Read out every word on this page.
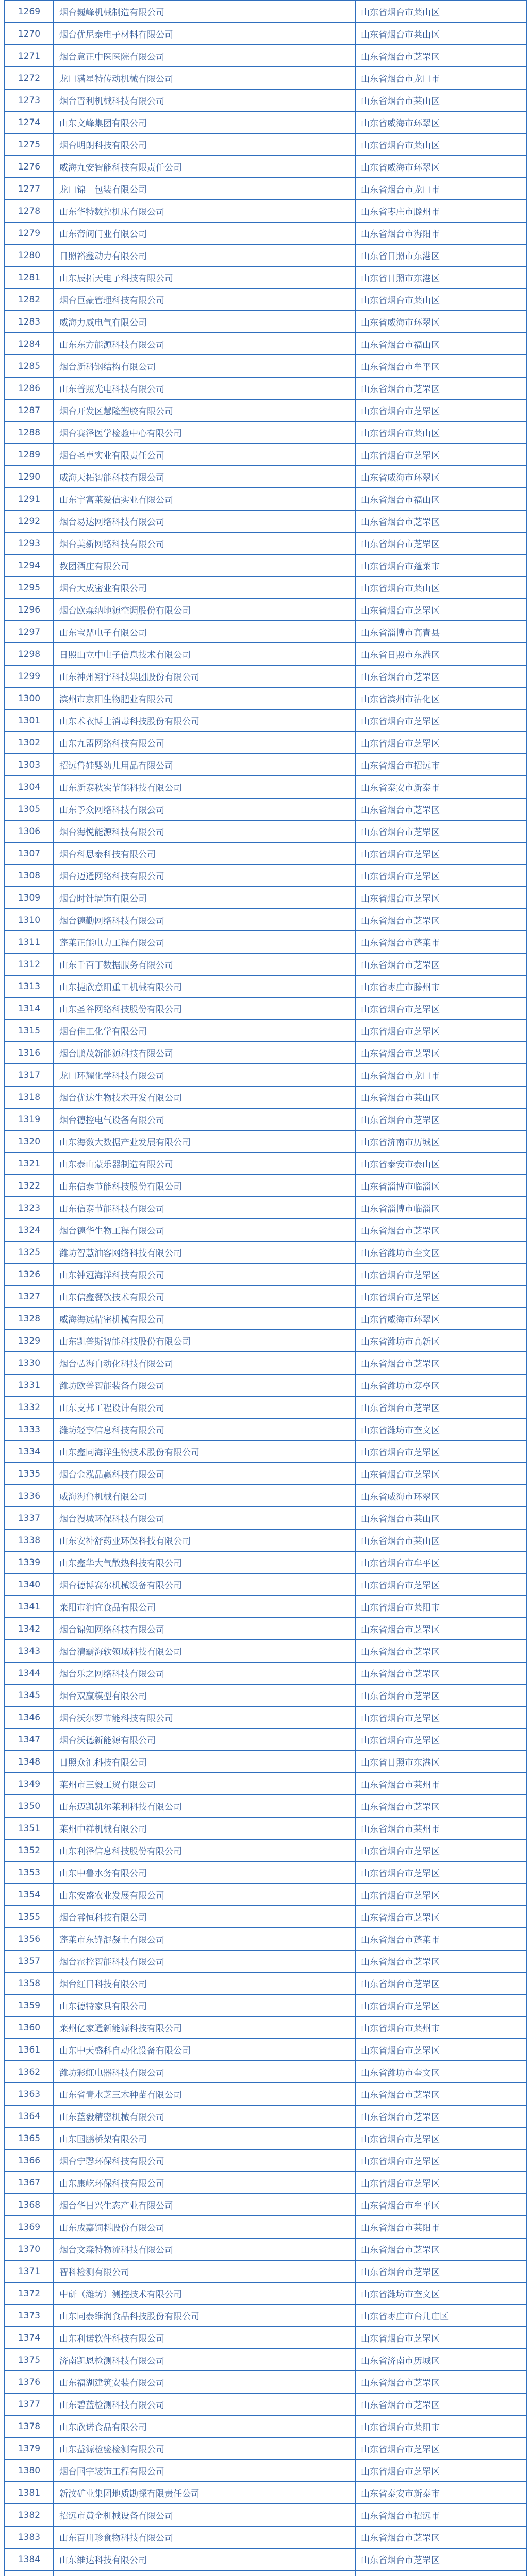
1269	烟台巍峰机械制造有限公司	山东省烟台市莱山区
1270	烟台优尼泰电子材料有限公司	山东省烟台市莱山区
1271	烟台意正中医医院有限公司	山东省烟台市芝罘区
1272	龙口满星特传动机械有限公司	山东省烟台市龙口市
1273	烟台晋利机械科技有限公司	山东省烟台市莱山区
1274	山东文峰集团有限公司	山东省威海市环翠区
1275	烟台明朗科技有限公司	山东省烟台市莱山区
1276	威海九安智能科技有限责任公司	山东省威海市环翠区
1277	龙口锦　包装有限公司	山东省烟台市龙口市
1278	山东华特数控机床有限公司	山东省枣庄市滕州市
1279	山东帝阀门业有限公司	山东省烟台市海阳市
1280	日照裕鑫动力有限公司	山东省日照市东港区
1281	山东辰拓天电子科技有限公司	山东省日照市东港区
1282	烟台巨豪管理科技有限公司	山东省烟台市莱山区
1283	威海力威电气有限公司	山东省威海市环翠区
1284	山东东方能源科技有限公司	山东省烟台市福山区
1285	烟台新科钢结构有限公司	山东省烟台市牟平区
1286	山东普照光电科技有限公司	山东省烟台市芝罘区
1287	烟台开发区慧隆塑胶有限公司	山东省烟台市芝罘区
1288	烟台赛泽医学检验中心有限公司	山东省烟台市莱山区
1289	烟台圣卓实业有限责任公司	山东省烟台市芝罘区
1290	威海天拓智能科技有限公司	山东省威海市环翠区
1291	山东宇富莱爱信实业有限公司	山东省烟台市福山区
1292	烟台易达网络科技有限公司	山东省烟台市芝罘区
1293	烟台美新网络科技有限公司	山东省烟台市芝罘区
1294	教团酒庄有限公司	山东省烟台市蓬莱市
1295	烟台大成密业有限公司	山东省烟台市莱山区
1296	烟台欧森纳地源空调股份有限公司	山东省烟台市芝罘区
1297	山东宝鼎电子有限公司	山东省淄博市高青县
1298	日照山立中电子信息技术有限公司	山东省日照市东港区
1299	山东神州翔宇科技集团股份有限公司	山东省烟台市芝罘区
1300	滨州市京阳生物肥业有限公司	山东省滨州市沾化区
1301	山东术衣博士消毒科技股份有限公司	山东省烟台市芝罘区
1302	山东九盟网络科技有限公司	山东省烟台市芝罘区
1303	招远鲁娃婴幼儿用品有限公司	山东省烟台市招远市
1304	山东新泰秋实节能科技有限公司	山东省泰安市新泰市
1305	山东予众网络科技有限公司	山东省烟台市芝罘区
1306	烟台海悦能源科技有限公司	山东省烟台市芝罘区
1307	烟台科思泰科技有限公司	山东省烟台市芝罘区
1308	烟台迈通网络科技有限公司	山东省烟台市芝罘区
1309	烟台时针墙饰有限公司	山东省烟台市芝罘区
1310	烟台德勤网络科技有限公司	山东省烟台市芝罘区
1311	蓬莱正能电力工程有限公司	山东省烟台市蓬莱市
1312	山东千百丁数据服务有限公司	山东省烟台市芝罘区
1313	山东捷欣意阳重工机械有限公司	山东省枣庄市滕州市
1314	山东圣谷网络科技股份有限公司	山东省烟台市芝罘区
1315	烟台佳工化学有限公司	山东省烟台市芝罘区
1316	烟台鹏茂新能源科技有限公司	山东省烟台市芝罘区
1317	龙口环耀化学科技有限公司	山东省烟台市龙口市
1318	烟台优达生物技术开发有限公司	山东省烟台市莱山区
1319	烟台德控电气设备有限公司	山东省烟台市芝罘区
1320	山东海数大数据产业发展有限公司	山东省济南市历城区
1321	山东泰山蒙乐器制造有限公司	山东省泰安市泰山区
1322	山东信泰节能科技股份有限公司	山东省淄博市临淄区
1323	山东信泰节能科技有限公司	山东省淄博市临淄区
1324	烟台德华生物工程有限公司	山东省烟台市芝罘区
1325	潍坊智慧油客网络科技有限公司	山东省潍坊市奎文区
1326	山东钟冠海洋科技有限公司	山东省烟台市芝罘区
1327	山东信鑫餐饮技术有限公司	山东省烟台市芝罘区
1328	威海海远精密机械有限公司	山东省威海市环翠区
1329	山东凯普斯智能科技股份有限公司	山东省潍坊市高新区
1330	烟台弘海自动化科技有限公司	山东省烟台市芝罘区
1331	潍坊欧普智能装备有限公司	山东省潍坊市寒亭区
1332	山东支邦工程设计有限公司	山东省烟台市芝罘区
1333	潍坊轻享信息科技有限公司	山东省潍坊市奎文区
1334	山东鑫同海洋生物技术股份有限公司	山东省烟台市芝罘区
1335	烟台金泓品赢科技有限公司	山东省烟台市芝罘区
1336	威海海鲁机械有限公司	山东省威海市环翠区
1337	烟台漫城环保科技有限公司	山东省烟台市莱山区
1338	山东安补舒药业环保科技有限公司	山东省烟台市莱山区
1339	山东鑫华大气散热科技有限公司	山东省烟台市牟平区
1340	烟台德博赛尔机械设备有限公司	山东省烟台市芝罘区
1341	莱阳市润宜食品有限公司	山东省烟台市莱阳市
1342	烟台锦知网络科技有限公司	山东省烟台市芝罘区
1343	烟台清霸海软领域科技有限公司	山东省烟台市芝罘区
1344	烟台乐之网络科技有限公司	山东省烟台市芝罘区
1345	烟台双赢模型有限公司	山东省烟台市芝罘区
1346	烟台沃尔罗节能科技有限公司	山东省烟台市芝罘区
1347	烟台沃德新能源有限公司	山东省烟台市芝罘区
1348	日照众汇科技有限公司	山东省日照市东港区
1349	莱州市三毅工贸有限公司	山东省烟台市莱州市
1350	山东迈凯凯尔莱利科技有限公司	山东省烟台市芝罘区
1351	莱州中祥机械有限公司	山东省烟台市莱州市
1352	山东利泽信息科技股份有限公司	山东省烟台市芝罘区
1353	山东中鲁水务有限公司	山东省烟台市芝罘区
1354	山东安盛农业发展有限公司	山东省烟台市芝罘区
1355	烟台睿恒科技有限公司	山东省烟台市芝罘区
1356	蓬莱市东锋混凝土有限公司	山东省烟台市蓬莱市
1357	烟台霍控智能科技有限公司	山东省烟台市芝罘区
1358	烟台红日科技有限公司	山东省烟台市芝罘区
1359	山东德特家具有限公司	山东省烟台市芝罘区
1360	莱州亿家通新能源科技有限公司	山东省烟台市莱州市
1361	山东中天盛科自动化设备有限公司	山东省烟台市芝罘区
1362	潍坊彩虹电器科技有限公司	山东省潍坊市奎文区
1363	山东省青水芝三木种苗有限公司	山东省烟台市芝罘区
1364	山东蓝毅精密机械有限公司	山东省烟台市芝罘区
1365	山东国鹏桥架有限公司	山东省烟台市芝罘区
1366	烟台宁馨环保科技有限公司	山东省烟台市芝罘区
1367	山东康屹环保科技有限公司	山东省烟台市芝罘区
1368	烟台华日兴生态产业有限公司	山东省烟台市牟平区
1369	山东成嘉饲料股份有限公司	山东省烟台市莱阳市
1370	烟台文森特物流科技有限公司	山东省烟台市芝罘区
1371	智科检测有限公司	山东省烟台市芝罘区
1372	中研（潍坊）测控技术有限公司	山东省潍坊市奎文区
1373	山东同泰维润食品科技股份有限公司	山东省枣庄市台儿庄区
1374	山东利诺软件科技有限公司	山东省烟台市芝罘区
1375	济南凯恩检测科技有限公司	山东省济南市历城区
1376	山东福湖建筑安装有限公司	山东省烟台市芝罘区
1377	山东碧蓝检测科技有限公司	山东省烟台市芝罘区
1378	山东欣诺食品有限公司	山东省烟台市莱阳市
1379	山东益源检验检测有限公司	山东省烟台市芝罘区
1380	烟台国宇装饰工程有限公司	山东省烟台市芝罘区
1381	新汶矿业集团地质勘探有限责任公司	山东省泰安市新泰市
1382	招远市黄金机械设备有限公司	山东省烟台市招远市
1383	山东百川珍食物科技有限公司	山东省烟台市芝罘区
1384	山东维达科技有限公司	山东省烟台市芝罘区
